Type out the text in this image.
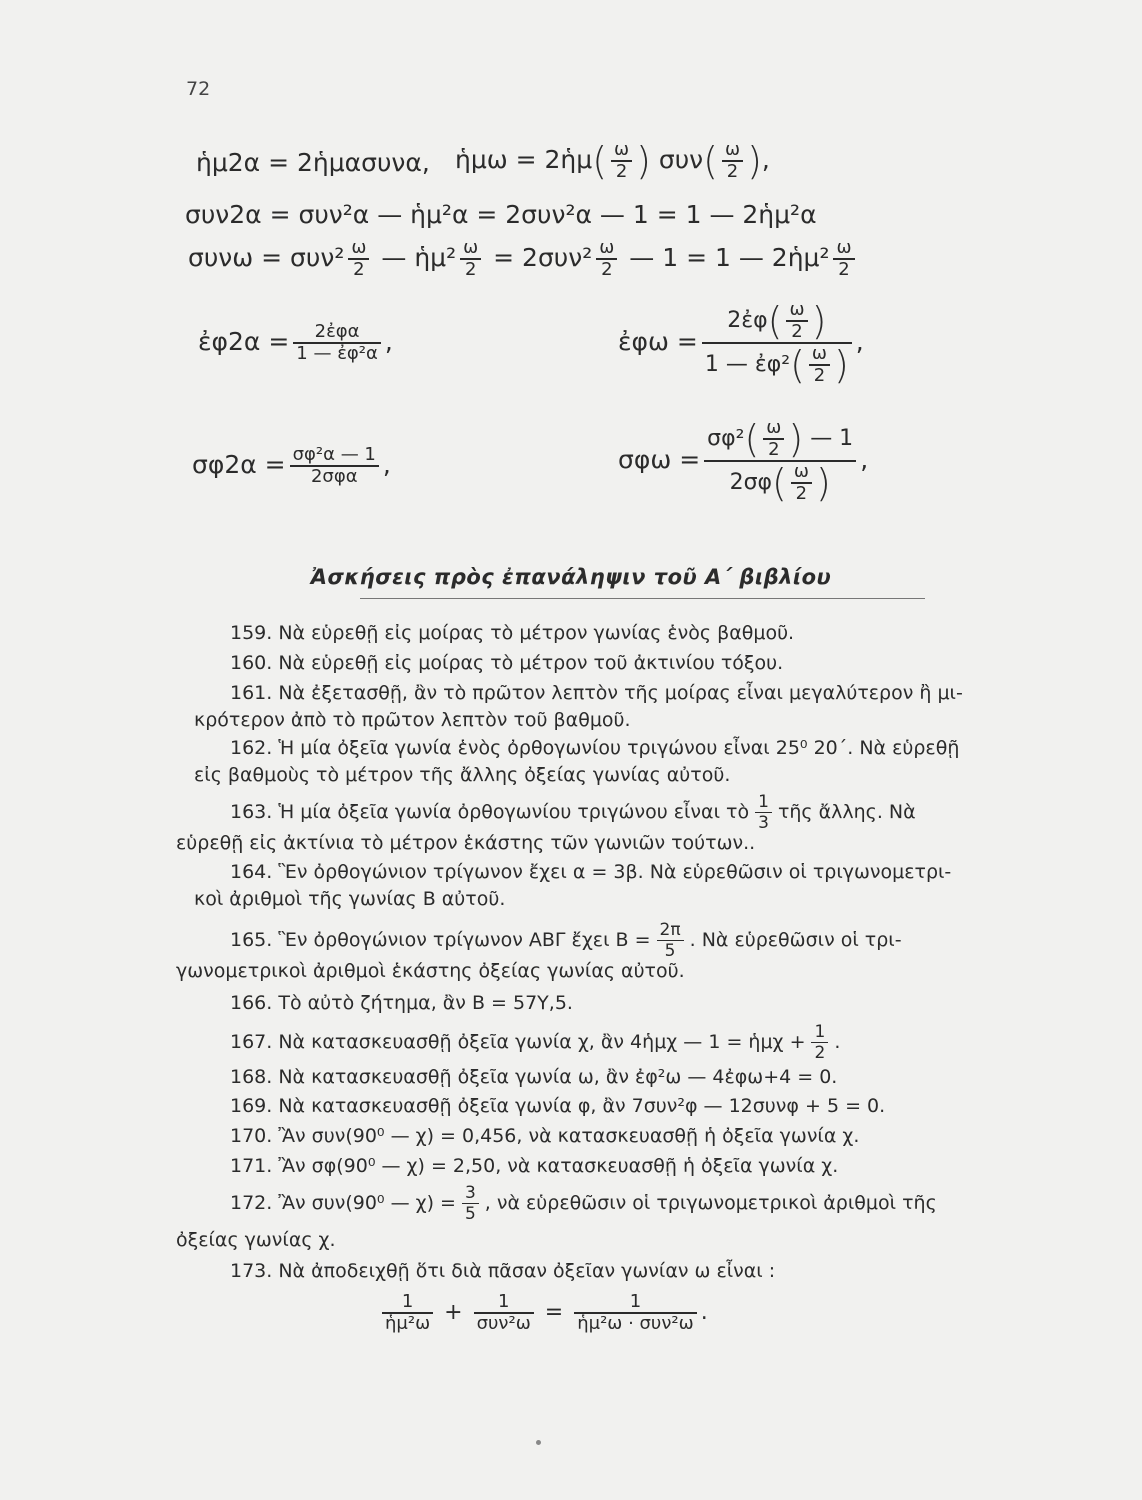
72
ἡμ2α = 2ἡμασυνα, ἡμω = 2ἡμ( $\frac{\omega}{2}$ ) $\sigma\upsilon\nu( \frac{\omega}{2}$ ),
συν2α = συν²α — ἡμ²α = 2συν²α — 1 = 1 — 2ἡμ²α
$\sigma\upsilon\nu\omega = \sigma\upsilon\nu^2 \frac{\omega}{2}$ — ἡμ² $\frac{\omega}{2} = 2\sigma\upsilon\nu^2 \frac{\omega}{2}$ — 1 = 1 — 2ἡμ² $\frac{\omega}{2}$
ἐφ2α = $\frac{\text{2ἐφα}}{\text{1 — ἐφ²α}}$ ,	ἐφω = $\frac{2ἐ\varphi( \frac{\omega}{2} )}{1 — ἐ\varphi^2( \frac{\omega}{2} )}$ ,
$\sigma\varphi 2\alpha = \frac{\text{σφ²α — 1}}{\text{2σφα}}$ ,	$\sigma\varphi\omega = \frac{\sigma\varphi^2( \frac{\omega}{2} ) — 1}{2\sigma\varphi( \frac{\omega}{2} )}$ ,
Ἀσκήσεις πρὸς ἐπανάληψιν τοῦ Α΄ βιβλίου
159. Νὰ εὑρεθῇ εἰς μοίρας τὸ μέτρον γωνίας ἑνὸς βαθμοῦ.
160. Νὰ εὑρεθῇ εἰς μοίρας τὸ μέτρον τοῦ ἀκτινίου τόξου.
161. Νὰ ἐξετασθῇ, ἂν τὸ πρῶτον λεπτὸν τῆς μοίρας εἶναι μεγαλύτερον ἢ μι-
κρότερον ἀπὸ τὸ πρῶτον λεπτὸν τοῦ βαθμοῦ.
162. Ἡ μία ὀξεῖα γωνία ἑνὸς ὀρθογωνίου τριγώνου εἶναι 25⁰ 20΄. Νὰ εὑρεθῇ
εἰς βαθμοὺς τὸ μέτρον τῆς ἄλλης ὀξείας γωνίας αὐτοῦ.
163. Ἡ μία ὀξεῖα γωνία ὀρθογωνίου τριγώνου εἶναι τὸ $\frac{1}{3}$ τῆς ἄλλης. Νὰ
εὑρεθῇ εἰς ἀκτίνια τὸ μέτρον ἑκάστης τῶν γωνιῶν τούτων..
164. Ἓν ὀρθογώνιον τρίγωνον ἔχει α = 3β. Νὰ εὑρεθῶσιν οἱ τριγωνομετρι-
κοὶ ἀριθμοὶ τῆς γωνίας Β αὐτοῦ.
165. Ἓν ὀρθογώνιον τρίγωνον ΑΒΓ ἔχει $B = \frac{2\pi}{5}$ . Νὰ εὑρεθῶσιν οἱ τρι-
γωνομετρικοὶ ἀριθμοὶ ἑκάστης ὀξείας γωνίας αὐτοῦ.
166. Τὸ αὐτὸ ζήτημα, ἂν Β = 57Υ,5.
167. Νὰ κατασκευασθῇ ὀξεῖα γωνία χ, ἂν 4ἡμχ — 1 = ἡμχ + $\frac{1}{2}$ .
168. Νὰ κατασκευασθῇ ὀξεῖα γωνία ω, ἂν ἐφ²ω — 4ἐφω+4 = 0.
169. Νὰ κατασκευασθῇ ὀξεῖα γωνία φ, ἂν 7συν²φ — 12συνφ + 5 = 0.
170. Ἂν συν(90⁰ — χ) = 0,456, νὰ κατασκευασθῇ ἡ ὀξεῖα γωνία χ.
171. Ἂν σφ(90⁰ — χ) = 2,50, νὰ κατασκευασθῇ ἡ ὀξεῖα γωνία χ.
172. Ἂν συν(90⁰ — $\chi) = \frac{3}{5}$ , νὰ εὑρεθῶσιν οἱ τριγωνομετρικοὶ ἀριθμοὶ τῆς
ὀξείας γωνίας χ.
173. Νὰ ἀποδειχθῇ ὅτι διὰ πᾶσαν ὀξεῖαν γωνίαν ω εἶναι :
$\frac{1}{\text{ἡμ²ω}} + \frac{1}{\text{συν²ω}} = \frac{1}{\text{ἡμ²ω · συν²ω}}$ .
